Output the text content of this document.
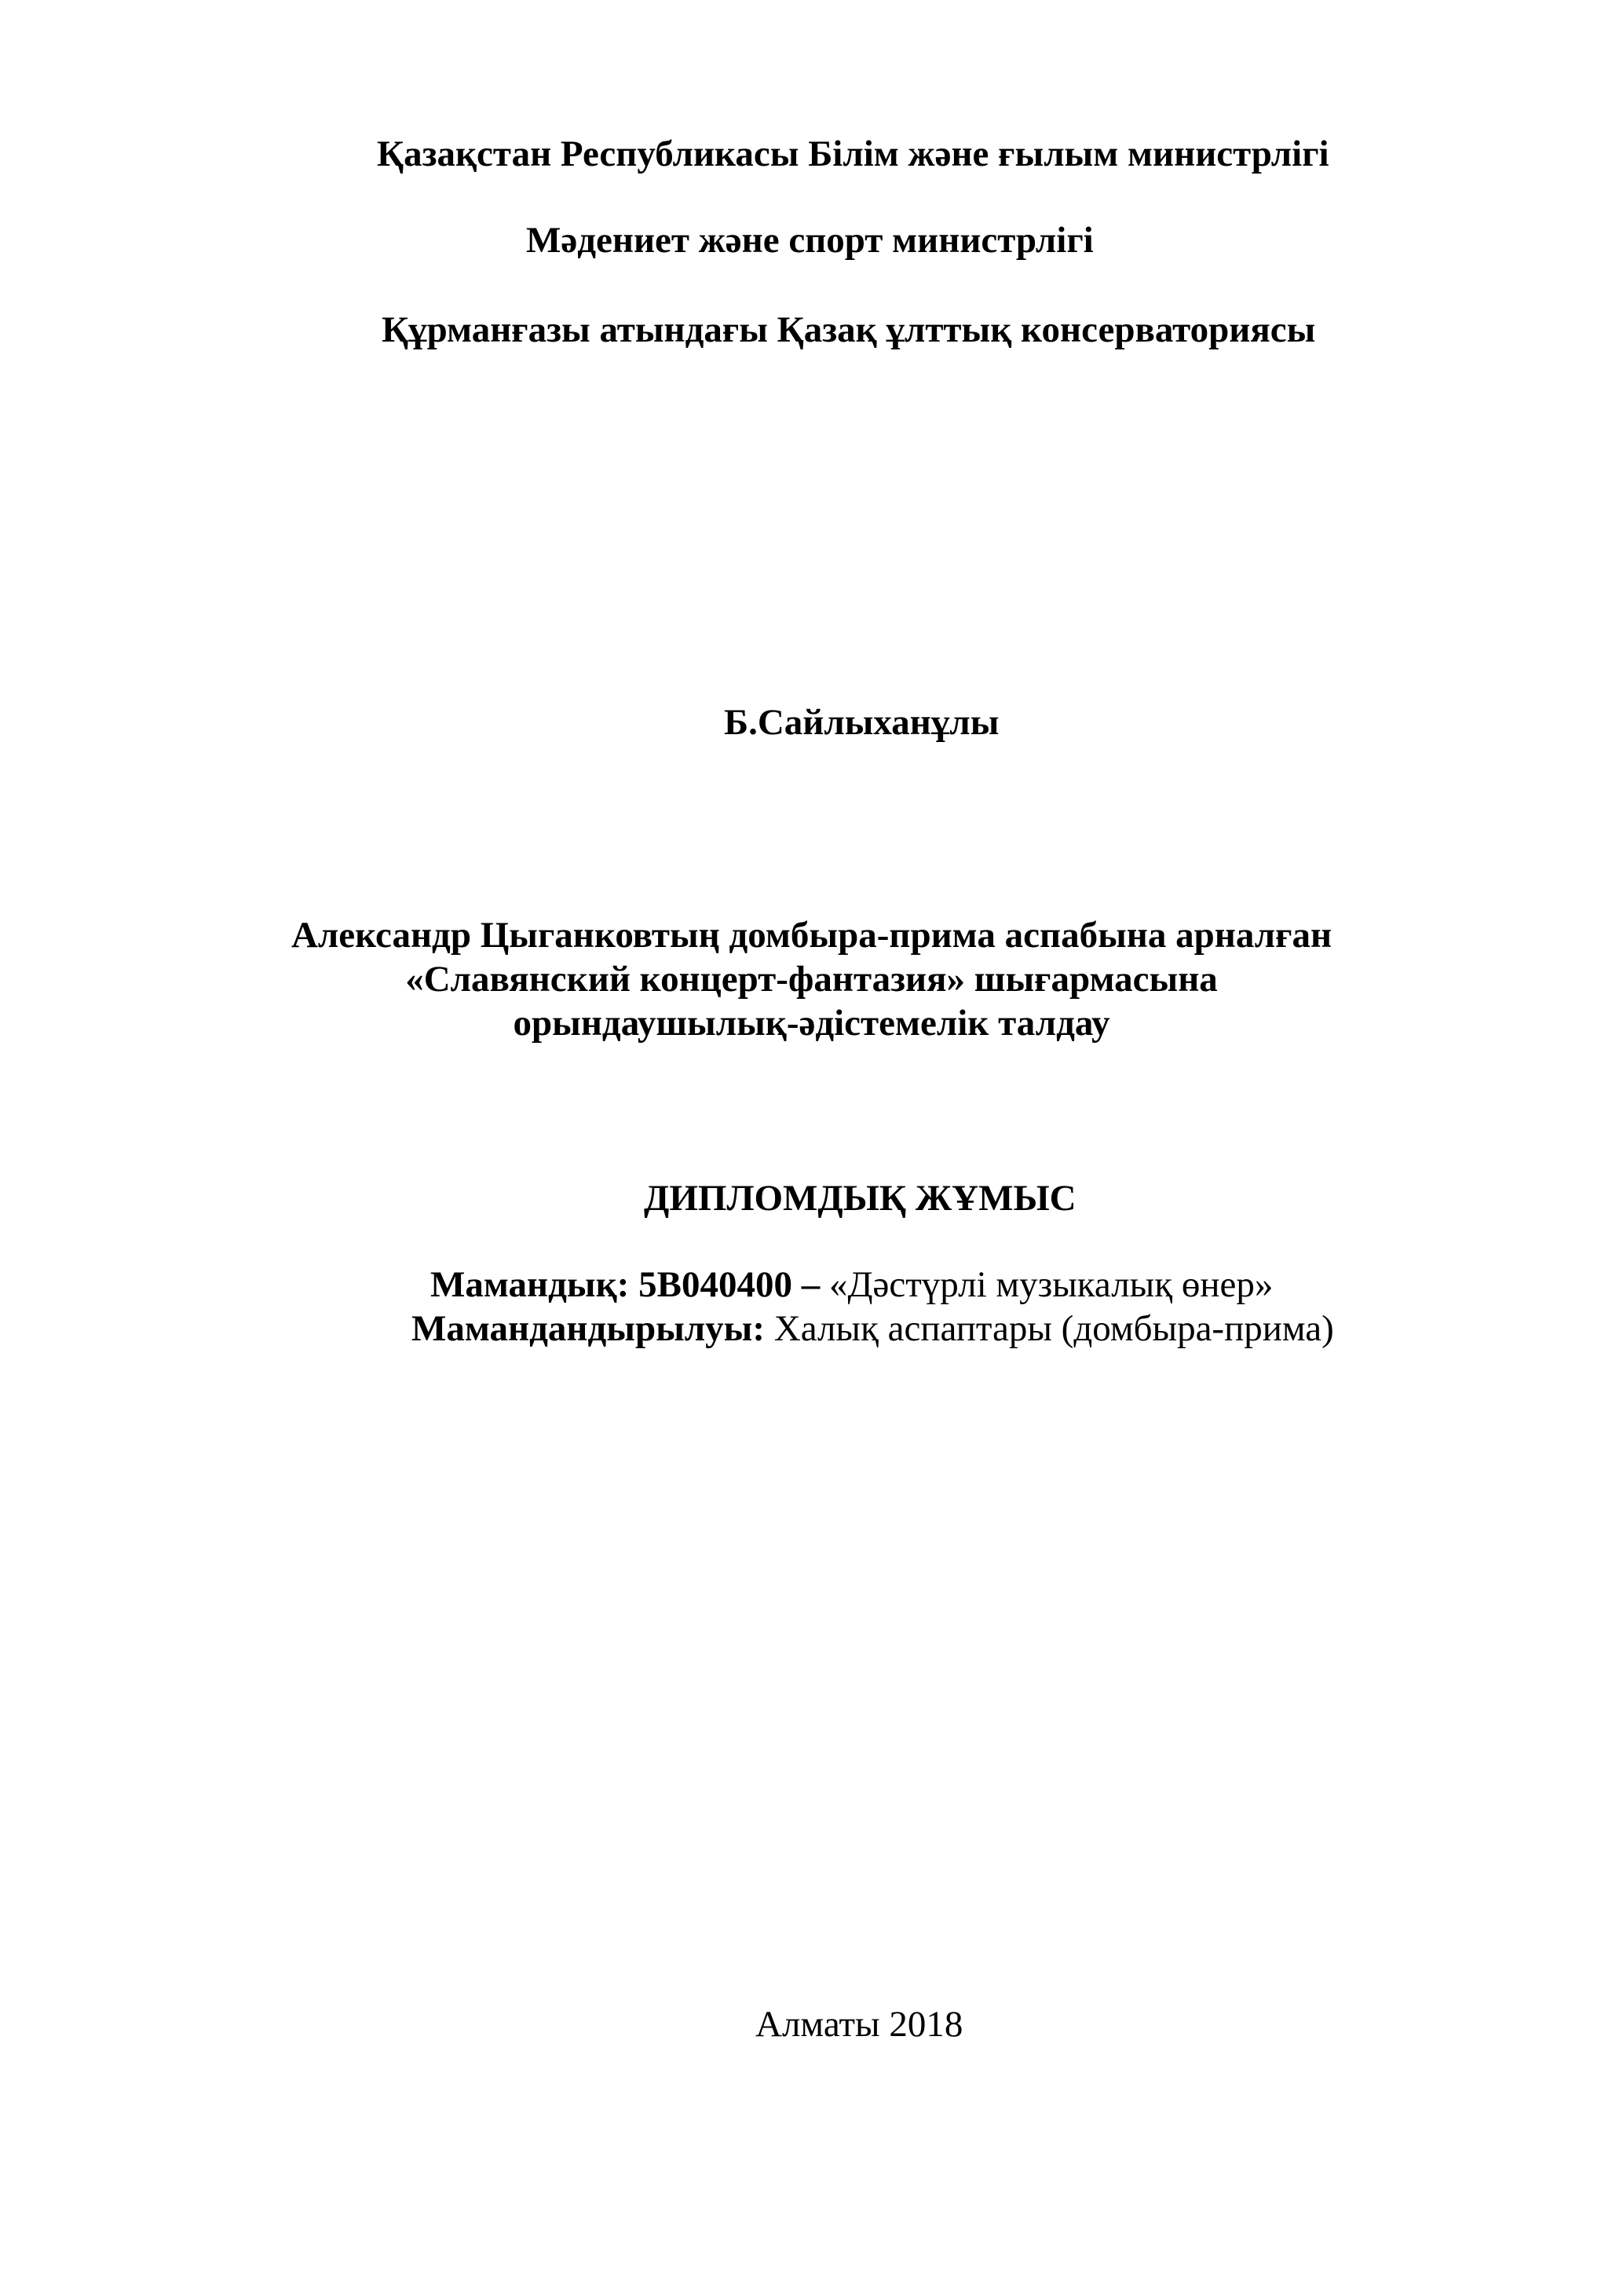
Қазақстан Республикасы Білім және ғылым министрлігі
Мәдениет және спорт министрлігі
Құрманғазы атындағы Қазақ ұлттық консерваториясы
Б.Сайлыханұлы
Александр Цыганковтың домбыра-прима аспабына арналған
«Славянский концерт-фантазия» шығармасына
орындаушылық-әдістемелік талдау
ДИПЛОМДЫҚ ЖҰМЫС
Мамандық: 5В040400 – «Дәстүрлі музыкалық өнер»
Мамандандырылуы: Халық аспаптары (домбыра-прима)
Алматы 2018
